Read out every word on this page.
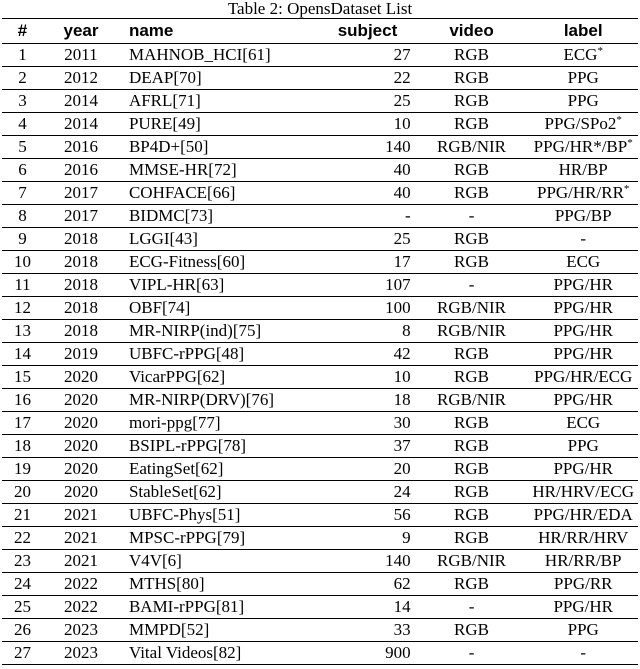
Table 2: OpensDataset List
#	year	name	subject	video	label
1	2011	MAHNOB_HCI[61]	27	RGB	ECG*
2	2012	DEAP[70]	22	RGB	PPG
3	2014	AFRL[71]	25	RGB	PPG
4	2014	PURE[49]	10	RGB	PPG/SPo2*
5	2016	BP4D+[50]	140	RGB/NIR	PPG/HR*/BP*
6	2016	MMSE-HR[72]	40	RGB	HR/BP
7	2017	COHFACE[66]	40	RGB	PPG/HR/RR*
8	2017	BIDMC[73]	-	-	PPG/BP
9	2018	LGGI[43]	25	RGB	-
10	2018	ECG-Fitness[60]	17	RGB	ECG
11	2018	VIPL-HR[63]	107	-	PPG/HR
12	2018	OBF[74]	100	RGB/NIR	PPG/HR
13	2018	MR-NIRP(ind)[75]	8	RGB/NIR	PPG/HR
14	2019	UBFC-rPPG[48]	42	RGB	PPG/HR
15	2020	VicarPPG[62]	10	RGB	PPG/HR/ECG
16	2020	MR-NIRP(DRV)[76]	18	RGB/NIR	PPG/HR
17	2020	mori-ppg[77]	30	RGB	ECG
18	2020	BSIPL-rPPG[78]	37	RGB	PPG
19	2020	EatingSet[62]	20	RGB	PPG/HR
20	2020	StableSet[62]	24	RGB	HR/HRV/ECG
21	2021	UBFC-Phys[51]	56	RGB	PPG/HR/EDA
22	2021	MPSC-rPPG[79]	9	RGB	HR/RR/HRV
23	2021	V4V[6]	140	RGB/NIR	HR/RR/BP
24	2022	MTHS[80]	62	RGB	PPG/RR
25	2022	BAMI-rPPG[81]	14	-	PPG/HR
26	2023	MMPD[52]	33	RGB	PPG
27	2023	Vital Videos[82]	900	-	-
